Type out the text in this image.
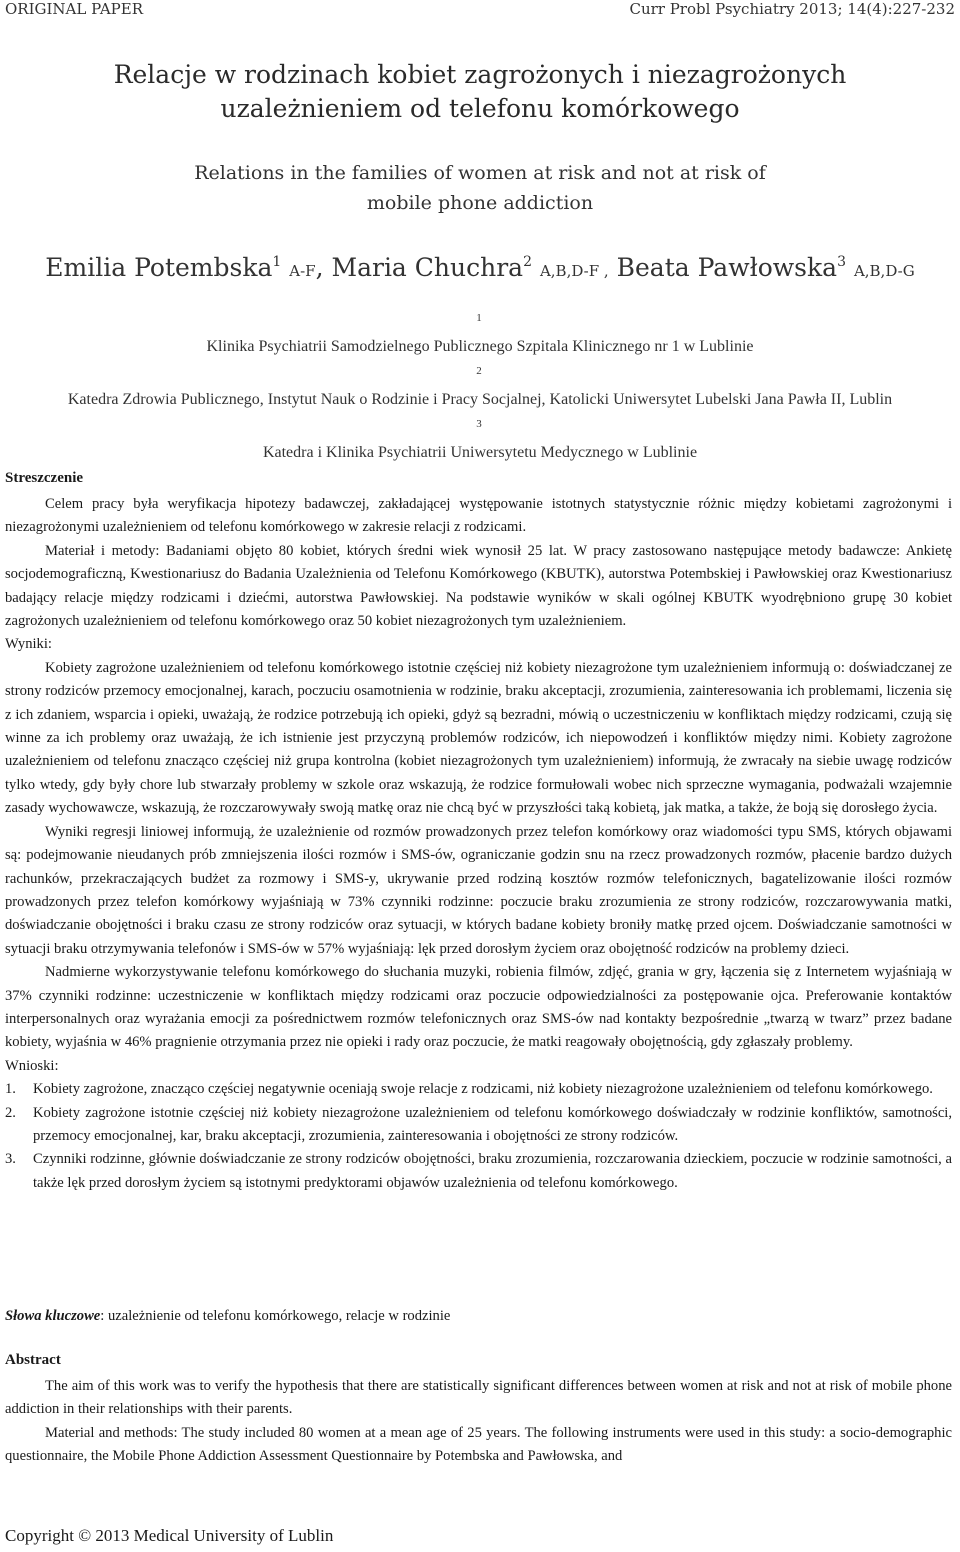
ORIGINAL PAPER	Curr Probl Psychiatry 2013; 14(4):227-232
Relacje w rodzinach kobiet zagrożonych i niezagrożonych
uzależnieniem od telefonu komórkowego
Relations in the families of women at risk and not at risk of
mobile phone addiction
Emilia Potembska$^1$ A-F, Maria Chuchra$^2$ A,B,D-F , Beata Pawłowska$^3$ A,B,D-G
$^1$
Klinika Psychiatrii Samodzielnego Publicznego Szpitala Klinicznego nr 1 w Lublinie
$^2$
Katedra Zdrowia Publicznego, Instytut Nauk o Rodzinie i Pracy Socjalnej, Katolicki Uniwersytet Lubelski Jana Pawła II, Lublin
$^3$
Katedra i Klinika Psychiatrii Uniwersytetu Medycznego w Lublinie
Streszczenie

Celem pracy była weryfikacja hipotezy badawczej, zakładającej występowanie istotnych statystycznie różnic między kobietami zagrożonymi i niezagrożonymi uzależnieniem od telefonu komórkowego w zakresie relacji z rodzicami.

Materiał i metody: Badaniami objęto 80 kobiet, których średni wiek wynosił 25 lat. W pracy zastosowano następujące metody badawcze: Ankietę socjodemograficzną, Kwestionariusz do Badania Uzależnienia od Telefonu Komórkowego (KBUTK), autorstwa Potembskiej i Pawłowskiej oraz Kwestionariusz badający relacje między rodzicami i dziećmi, autorstwa Pawłowskiej. Na podstawie wyników w skali ogólnej KBUTK wyodrębniono grupę 30 kobiet zagrożonych uzależnieniem od telefonu komórkowego oraz 50 kobiet niezagrożonych tym uzależnieniem.

Wyniki:

Kobiety zagrożone uzależnieniem od telefonu komórkowego istotnie częściej niż kobiety niezagrożone tym uzależnieniem informują o: doświadczanej ze strony rodziców przemocy emocjonalnej, karach, poczuciu osamotnienia w rodzinie, braku akceptacji, zrozumienia, zainteresowania ich problemami, liczenia się z ich zdaniem, wsparcia i opieki, uważają, że rodzice potrzebują ich opieki, gdyż są bezradni, mówią o uczestniczeniu w konfliktach między rodzicami, czują się winne za ich problemy oraz uważają, że ich istnienie jest przyczyną problemów rodziców, ich niepowodzeń i konfliktów między nimi. Kobiety zagrożone uzależnieniem od telefonu znacząco częściej niż grupa kontrolna (kobiet niezagrożonych tym uzależnieniem) informują, że zwracały na siebie uwagę rodziców tylko wtedy, gdy były chore lub stwarzały problemy w szkole oraz wskazują, że rodzice formułowali wobec nich sprzeczne wymagania, podważali wzajemnie zasady wychowawcze, wskazują, że rozczarowywały swoją matkę oraz nie chcą być w przyszłości taką kobietą, jak matka, a także, że boją się dorosłego życia.

Wyniki regresji liniowej informują, że uzależnienie od rozmów prowadzonych przez telefon komórkowy oraz wiadomości typu SMS, których objawami są: podejmowanie nieudanych prób zmniejszenia ilości rozmów i SMS-ów, ograniczanie godzin snu na rzecz prowadzonych rozmów, płacenie bardzo dużych rachunków, przekraczających budżet za rozmowy i SMS-y, ukrywanie przed rodziną kosztów rozmów telefonicznych, bagatelizowanie ilości rozmów prowadzonych przez telefon komórkowy wyjaśniają w 73% czynniki rodzinne: poczucie braku zrozumienia ze strony rodziców, rozczarowywania matki, doświadczanie obojętności i braku czasu ze strony rodziców oraz sytuacji, w których badane kobiety broniły matkę przed ojcem. Doświadczanie samotności w sytuacji braku otrzymywania telefonów i SMS-ów w 57% wyjaśniają: lęk przed dorosłym życiem oraz obojętność rodziców na problemy dzieci.

Nadmierne wykorzystywanie telefonu komórkowego do słuchania muzyki, robienia filmów, zdjęć, grania w gry, łączenia się z Internetem wyjaśniają w 37% czynniki rodzinne: uczestniczenie w konfliktach między rodzicami oraz poczucie odpowiedzialności za postępowanie ojca. Preferowanie kontaktów interpersonalnych oraz wyrażania emocji za pośrednictwem rozmów telefonicznych oraz SMS-ów nad kontakty bezpośrednie „twarzą w twarz” przez badane kobiety, wyjaśnia w 46% pragnienie otrzymania przez nie opieki i rady oraz poczucie, że matki reagowały obojętnością, gdy zgłaszały problemy.

Wnioski:
1. Kobiety zagrożone, znacząco częściej negatywnie oceniają swoje relacje z rodzicami, niż kobiety niezagrożone uzależnieniem od telefonu komórkowego.
2. Kobiety zagrożone istotnie częściej niż kobiety niezagrożone uzależnieniem od telefonu komórkowego doświadczały w rodzinie konfliktów, samotności, przemocy emocjonalnej, kar, braku akceptacji, zrozumienia, zainteresowania i obojętności ze strony rodziców.
3. Czynniki rodzinne, głównie doświadczanie ze strony rodziców obojętności, braku zrozumienia, rozczarowania dzieckiem, poczucie w rodzinie samotności, a także lęk przed dorosłym życiem są istotnymi predyktorami objawów uzależnienia od telefonu komórkowego.
Słowa kluczowe: uzależnienie od telefonu komórkowego, relacje w rodzinie
Abstract

The aim of this work was to verify the hypothesis that there are statistically significant differences between women at risk and not at risk of mobile phone addiction in their relationships with their parents.

Material and methods: The study included 80 women at a mean age of 25 years. The following instruments were used in this study: a socio-demographic questionnaire, the Mobile Phone Addiction Assessment Questionnaire by Potembska and Pawłowska, and

Copyright © 2013 Medical University of Lublin
